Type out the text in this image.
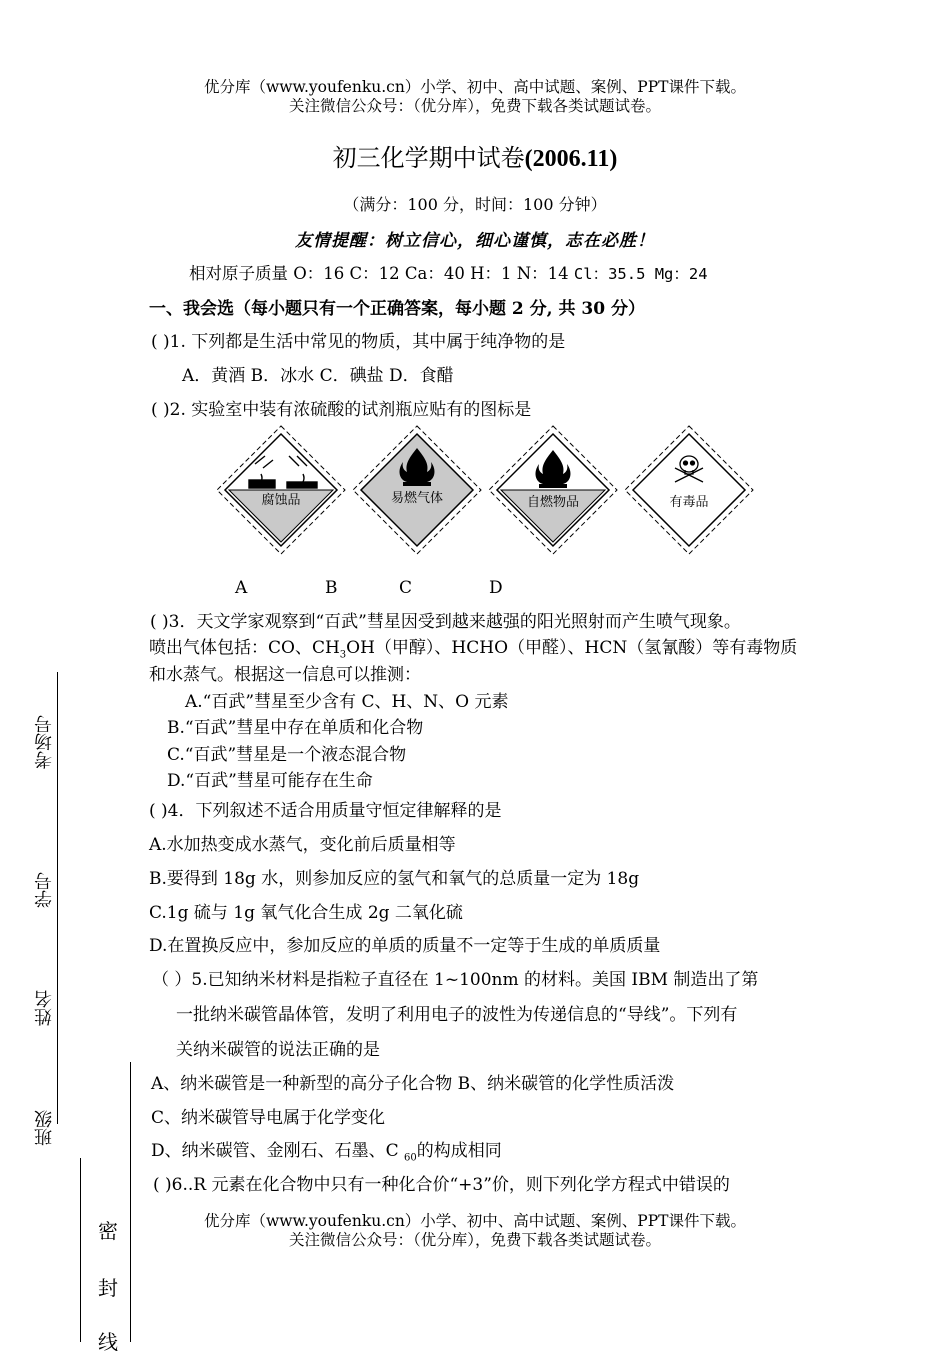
优分库（www.youfenku.cn）小学、初中、高中试题、案例、PPT课件下载。
关注微信公众号：（优分库），免费下载各类试题试卷。
初三化学期中试卷(2006.11)
（满分：100 分，时间：100 分钟）
友情提醒：树立信心，细心谨慎，志在必胜！
相对原子质量 O：16 C：12 Ca：40 H：1 N：14 Cl：35.5 Mg：24
一、我会选（每小题只有一个正确答案，每小题 2 分, 共 30 分）
( )1. 下列都是生活中常见的物质，其中属于纯净物的是
A．黄酒 B．冰水 C．碘盐 D．食醋
( )2. 实验室中装有浓硫酸的试剂瓶应贴有的图标是
腐蚀品	易燃气体	自燃物品	有毒品
A	B	C	D
( )3．天文学家观察到“百武”彗星因受到越来越强的阳光照射而产生喷气现象。
喷出气体包括：CO、$CH_3OH$（甲醇）、HCHO（甲醛）、HCN（氢氰酸）等有毒物质
和水蒸气。根据这一信息可以推测：
A.“百武”彗星至少含有 C、H、N、O 元素
B.“百武”彗星中存在单质和化合物
C.“百武”彗星是一个液态混合物
D.“百武”彗星可能存在生命
( )4．下列叙述不适合用质量守恒定律解释的是
A.水加热变成水蒸气，变化前后质量相等
B.要得到 18g 水，则参加反应的氢气和氧气的总质量一定为 18g
C.1g 硫与 1g 氧气化合生成 2g 二氧化硫
D.在置换反应中，参加反应的单质的质量不一定等于生成的单质质量
（ ）5.已知纳米材料是指粒子直径在 1~100nm 的材料。美国 IBM 制造出了第
一批纳米碳管晶体管，发明了利用电子的波性为传递信息的“导线”。下列有
关纳米碳管的说法正确的是
A、纳米碳管是一种新型的高分子化合物 B、纳米碳管的化学性质活泼
C、纳米碳管导电属于化学变化
D、纳米碳管、金刚石、石墨、C $_{60}$的构成相同
( )6..R 元素在化合物中只有一种化合价“+3”价，则下列化学方程式中错误的
优分库（www.youfenku.cn）小学、初中、高中试题、案例、PPT课件下载。
关注微信公众号：（优分库），免费下载各类试题试卷。
考场号
学号
姓名
班级
密
封
线
